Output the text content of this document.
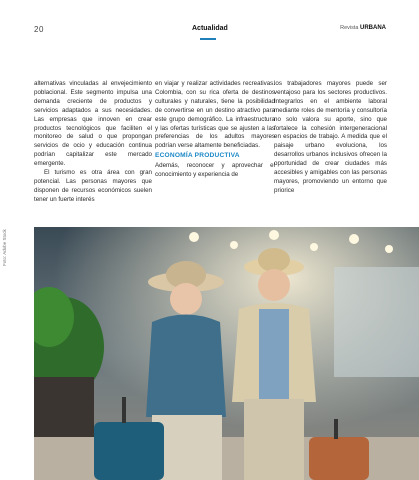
20	Actualidad	Revista URBANA

alternativas vinculadas al envejecimiento poblacional. Este segmento impulsa una demanda creciente de productos y servicios adaptados a sus necesidades. Las empresas que innoven en crear productos tecnológicos que faciliten el monitoreo de salud o que propongan servicios de ocio y educación continua podrían capitalizar este mercado emergente.

El turismo es otra área con gran potencial. Las personas mayores que disponen de recursos económicos suelen tener un fuerte interés

en viajar y realizar actividades recreativas. Colombia, con su rica oferta de destinos culturales y naturales, tiene la posibilidad de convertirse en un destino atractivo para este grupo demográfico. La infraestructura y las ofertas turísticas que se ajusten a las preferencias de los adultos mayores podrían verse altamente beneficiadas.

ECONOMÍA PRODUCTIVA

Además, reconocer y aprovechar el conocimiento y experiencia de

los trabajadores mayores puede ser ventajoso para los sectores productivos. Integrarlos en el ambiente laboral mediante roles de mentoría y consultoría no solo valora su aporte, sino que fortalece la cohesión intergeneracional en espacios de trabajo. A medida que el paisaje urbano evoluciona, los desarrollos urbanos inclusivos ofrecen la oportunidad de crear ciudades más accesibles y amigables con las personas mayores, promoviendo un entorno que priorice

Foto: Adobe Stock
